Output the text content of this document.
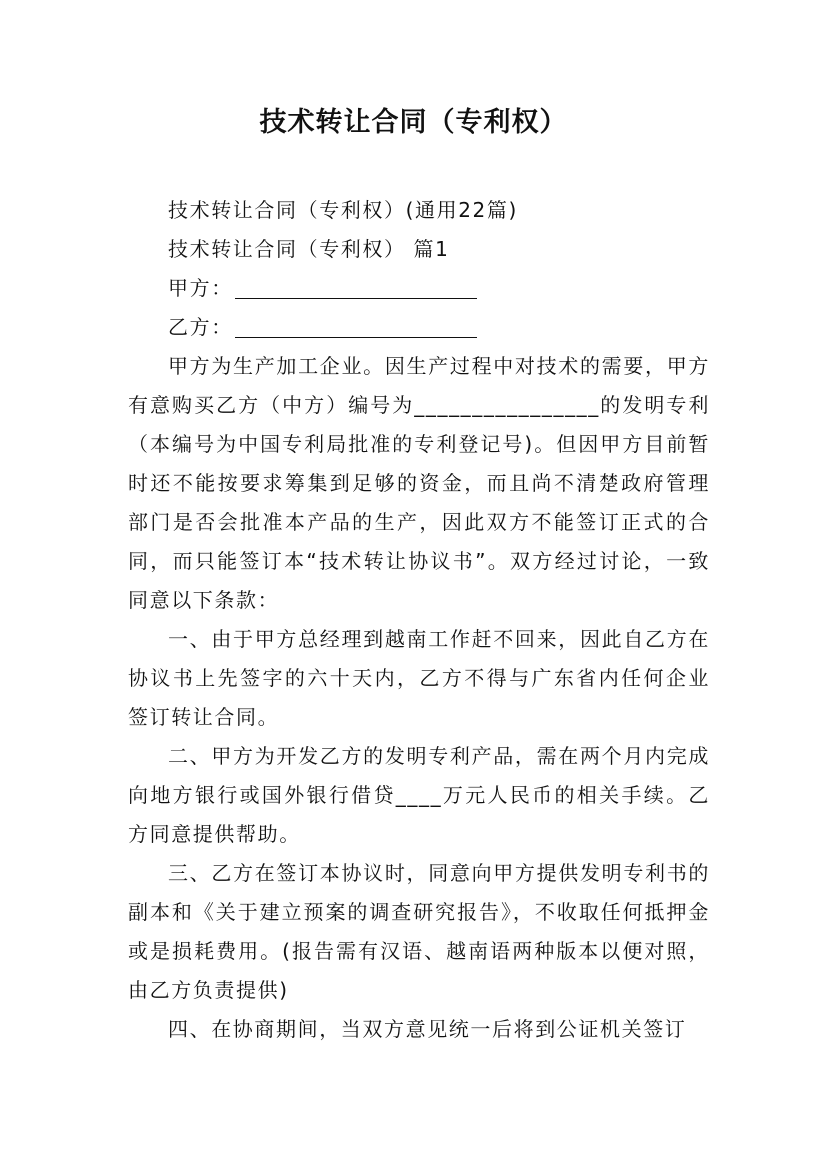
技术转让合同（专利权）

技术转让合同（专利权）(通用22篇)

技术转让合同（专利权） 篇1

甲方：

乙方：

甲方为生产加工企业。因生产过程中对技术的需要，甲方有意购买乙方（中方）编号为________________的发明专利（本编号为中国专利局批准的专利登记号)。但因甲方目前暂时还不能按要求筹集到足够的资金，而且尚不清楚政府管理部门是否会批准本产品的生产，因此双方不能签订正式的合同，而只能签订本“技术转让协议书”。双方经过讨论，一致同意以下条款：

一、由于甲方总经理到越南工作赶不回来，因此自乙方在协议书上先签字的六十天内，乙方不得与广东省内任何企业签订转让合同。

二、甲方为开发乙方的发明专利产品，需在两个月内完成向地方银行或国外银行借贷____万元人民币的相关手续。乙方同意提供帮助。

三、乙方在签订本协议时，同意向甲方提供发明专利书的副本和《关于建立预案的调查研究报告》，不收取任何抵押金或是损耗费用。(报告需有汉语、越南语两种版本以便对照，由乙方负责提供)

四、在协商期间，当双方意见统一后将到公证机关签订
